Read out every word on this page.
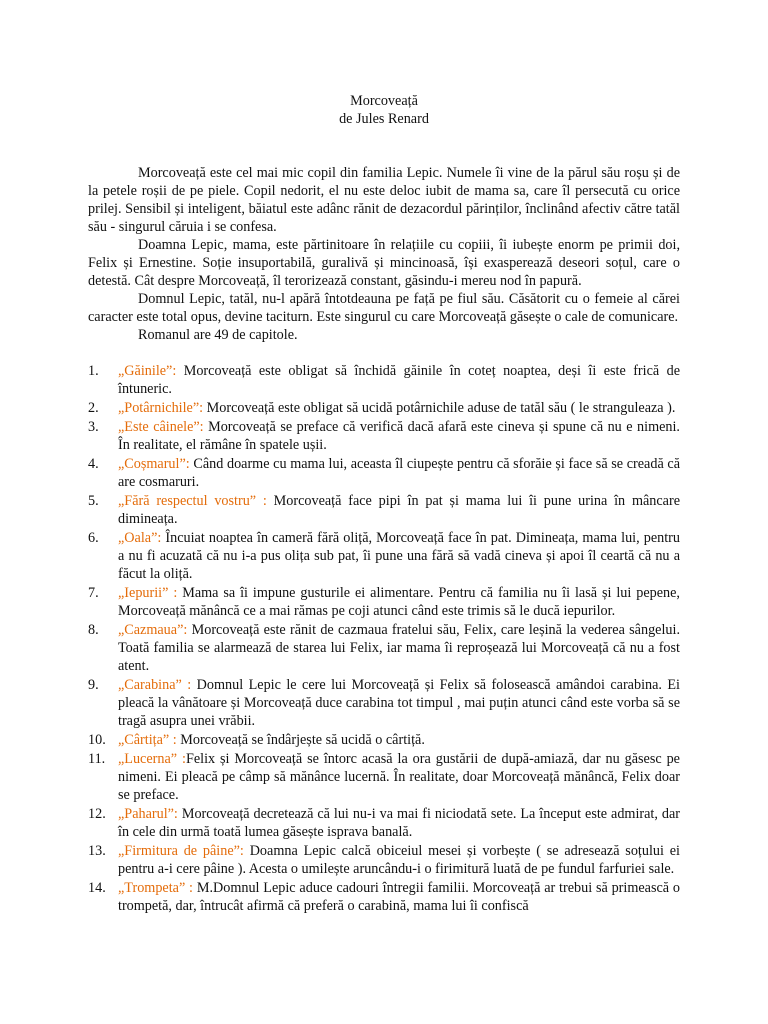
Morcoveață
de Jules Renard

Morcoveață este cel mai mic copil din familia Lepic. Numele îi vine de la părul său roșu și de la petele roșii de pe piele. Copil nedorit, el nu este deloc iubit de mama sa, care îl persecută cu orice prilej. Sensibil și inteligent, băiatul este adânc rănit de dezacordul părinților, înclinând afectiv către tatăl său - singurul căruia i se confesa.

Doamna Lepic, mama, este părtinitoare în relațiile cu copiii, îi iubește enorm pe primii doi, Felix și Ernestine. Soție insuportabilă, guralivă și mincinoasă, își exasperează deseori soțul, care o detestă. Cât despre Morcoveață, îl terorizează constant, găsindu-i mereu nod în papură.

Domnul Lepic, tatăl, nu-l apără întotdeauna pe față pe fiul său. Căsătorit cu o femeie al cărei caracter este total opus, devine taciturn. Este singurul cu care Morcoveață găsește o cale de comunicare.

Romanul are 49 de capitole.

1. „Găinile”: Morcoveață este obligat să închidă găinile în coteț noaptea, deși îi este frică de întuneric.
2. „Potârnichile”: Morcoveață este obligat să ucidă potârnichile aduse de tatăl său ( le stranguleaza ).
3. „Este câinele”: Morcoveață se preface că verifică dacă afară este cineva și spune că nu e nimeni. În realitate, el rămâne în spatele ușii.
4. „Coșmarul”: Când doarme cu mama lui, aceasta îl ciupește pentru că sforăie și face să se creadă că are cosmaruri.
5. „Fără respectul vostru” : Morcoveață face pipi în pat și mama lui îi pune urina în mâncare dimineața.
6. „Oala”: Încuiat noaptea în cameră fără oliță, Morcoveață face în pat. Dimineața, mama lui, pentru a nu fi acuzată că nu i-a pus olița sub pat, îi pune una fără să vadă cineva și apoi îl ceartă că nu a făcut la oliță.
7. „Iepurii” : Mama sa îi impune gusturile ei alimentare. Pentru că familia nu îi lasă și lui pepene, Morcoveață mănâncă ce a mai rămas pe coji atunci când este trimis să le ducă iepurilor.
8. „Cazmaua”: Morcoveață este rănit de cazmaua fratelui său, Felix, care leșină la vederea sângelui. Toată familia se alarmează de starea lui Felix, iar mama îi reproșează lui Morcoveață că nu a fost atent.
9. „Carabina” : Domnul Lepic le cere lui Morcoveață și Felix să folosească amândoi carabina. Ei pleacă la vânătoare și Morcoveață duce carabina tot timpul , mai puțin atunci când este vorba să se tragă asupra unei vrăbii.
10. „Cârtița” : Morcoveață se îndârjește să ucidă o cârtiță.
11. „Lucerna” :Felix și Morcoveață se întorc acasă la ora gustării de după-amiază, dar nu găsesc pe nimeni. Ei pleacă pe câmp să mănânce lucernă. În realitate, doar Morcoveață mănâncă, Felix doar se preface.
12. „Paharul”: Morcoveață decretează că lui nu-i va mai fi niciodată sete. La început este admirat, dar în cele din urmă toată lumea găsește isprava banală.
13. „Firmitura de pâine”: Doamna Lepic calcă obiceiul mesei și vorbește ( se adresează soțului ei pentru a-i cere pâine ). Acesta o umilește aruncându-i o firimitură luată de pe fundul farfuriei sale.
14. „Trompeta” : M.Domnul Lepic aduce cadouri întregii familii. Morcoveață ar trebui să primească o trompetă, dar, întrucât afirmă că preferă o carabină, mama lui îi confiscă
